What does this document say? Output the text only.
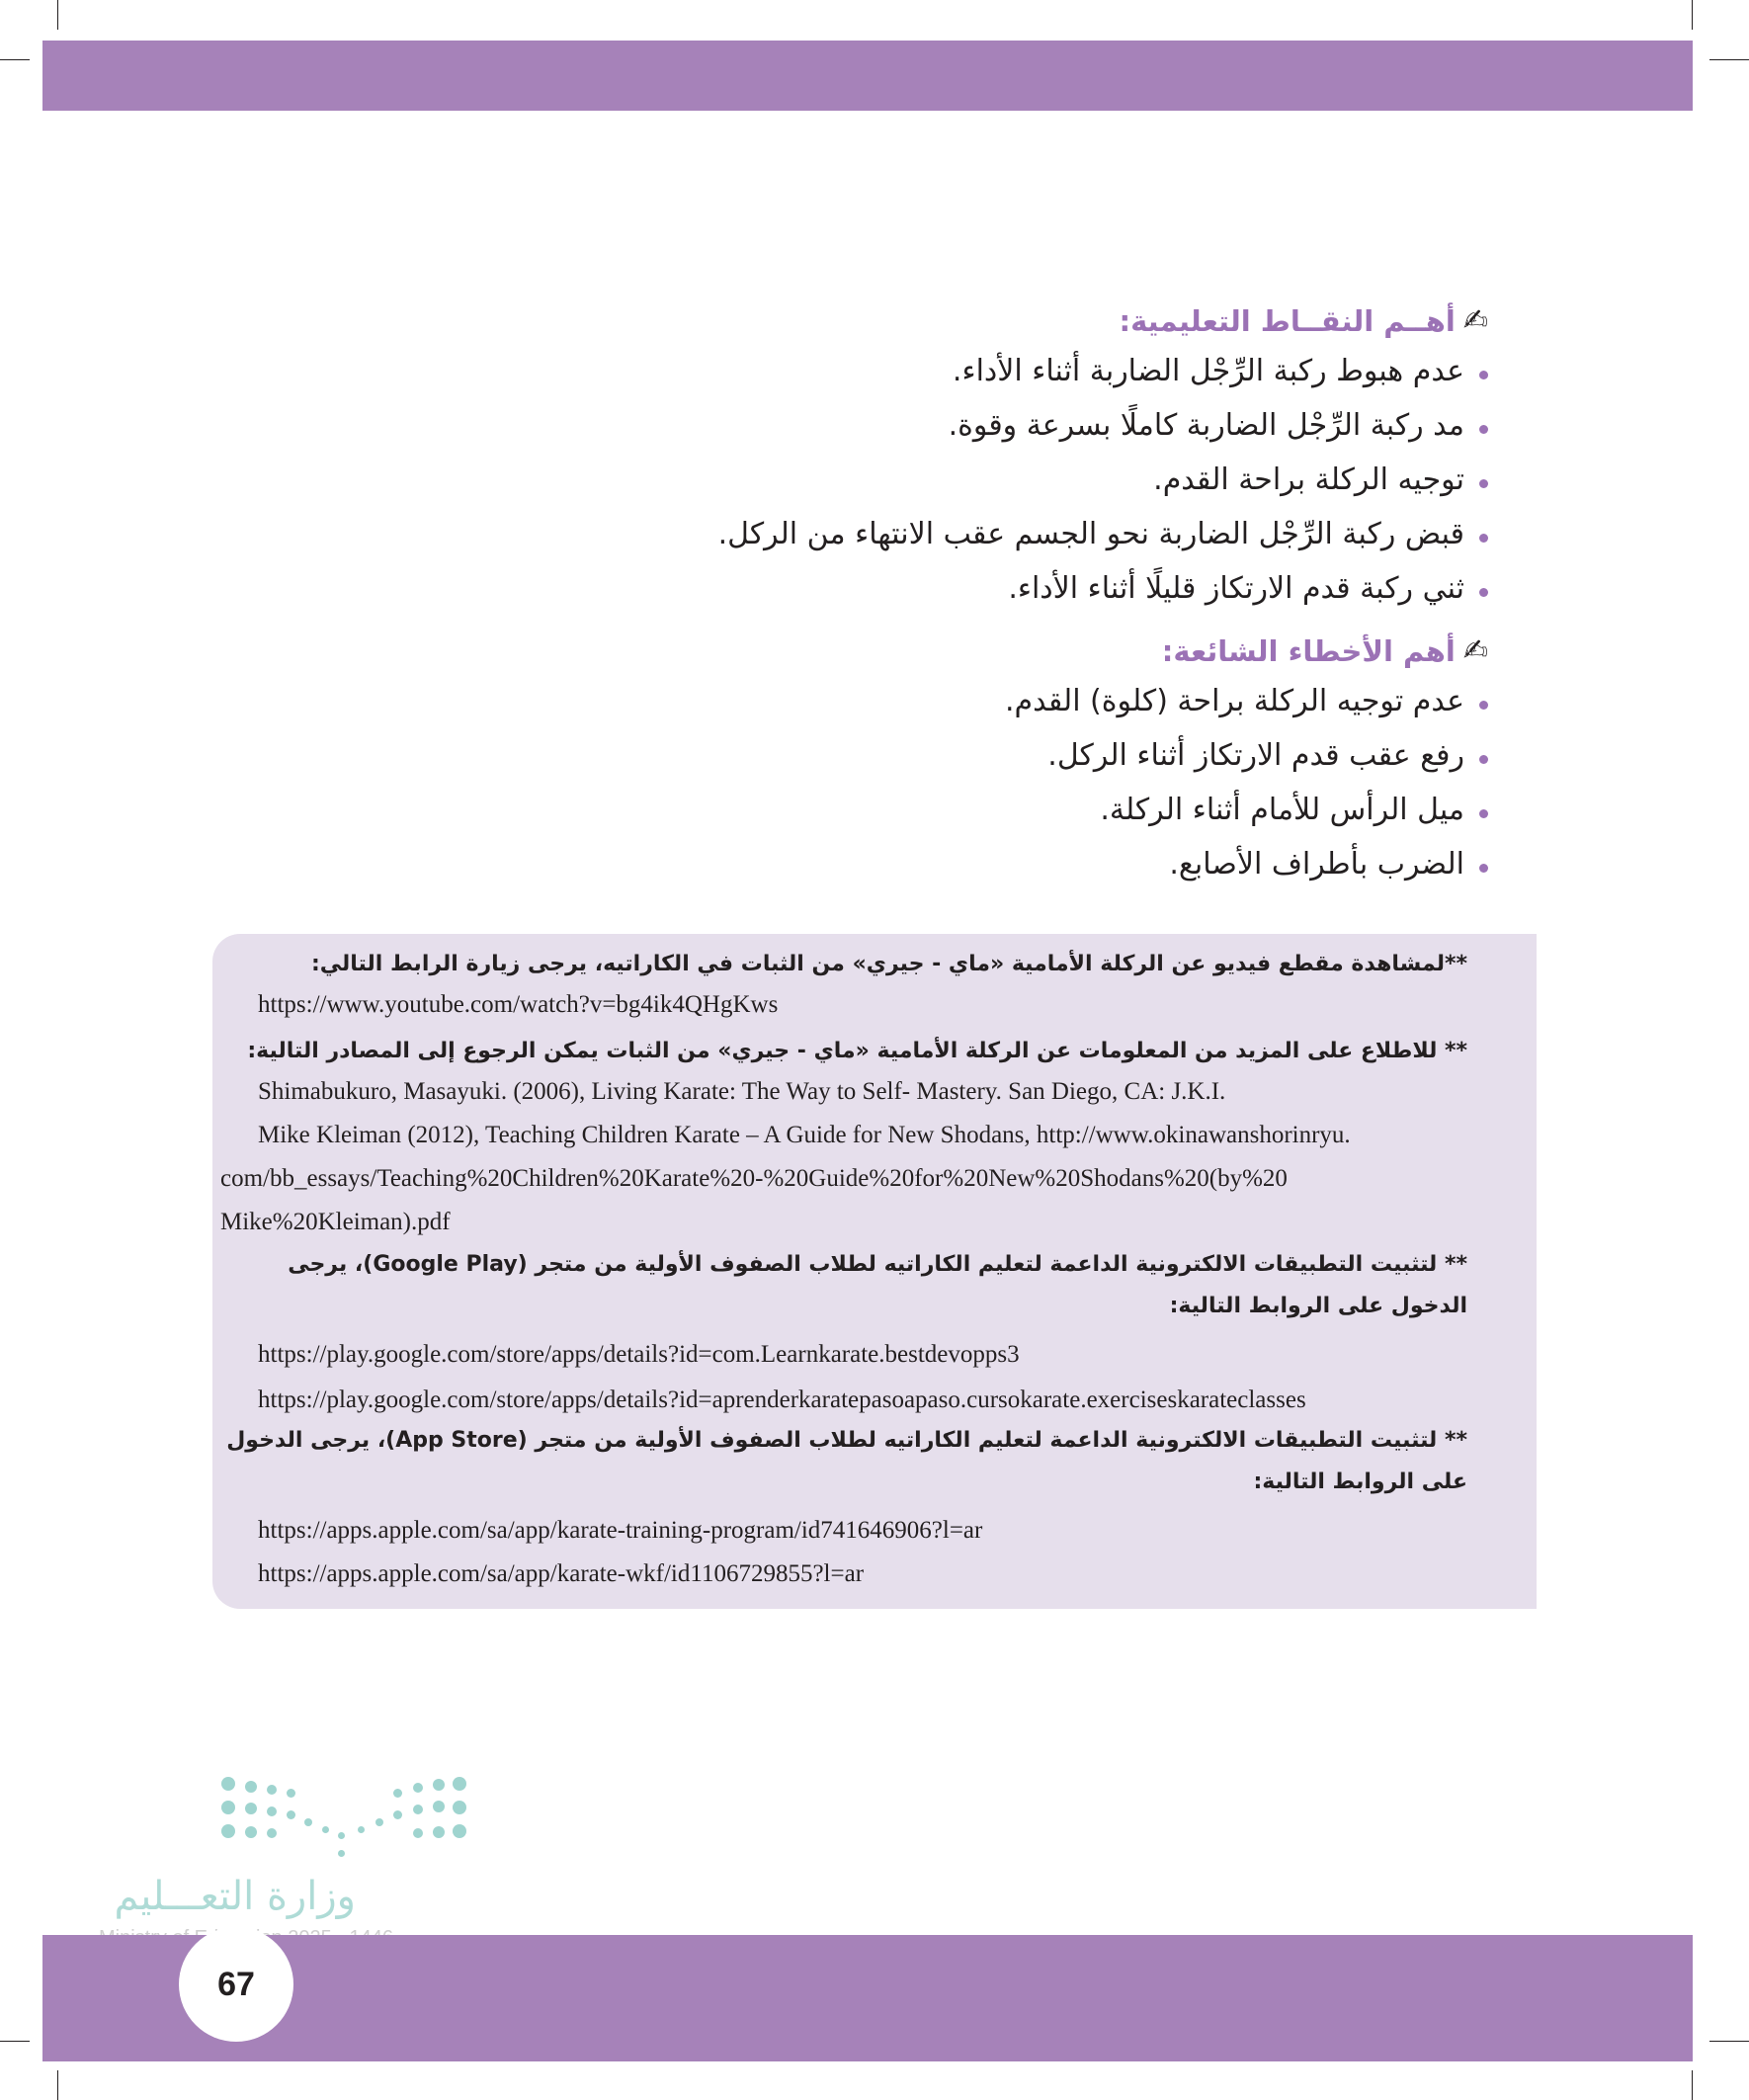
✍
أهــم النقــاط التعليمية:
عدم هبوط ركبة الرِّجْل الضاربة أثناء الأداء.
مد ركبة الرِّجْل الضاربة كاملًا بسرعة وقوة.
توجيه الركلة براحة القدم.
قبض ركبة الرِّجْل الضاربة نحو الجسم عقب الانتهاء من الركل.
ثني ركبة قدم الارتكاز قليلًا أثناء الأداء.
✍
أهم الأخطاء الشائعة:
عدم توجيه الركلة براحة (كلوة) القدم.
رفع عقب قدم الارتكاز أثناء الركل.
ميل الرأس للأمام أثناء الركلة.
الضرب بأطراف الأصابع.
**لمشاهدة مقطع فيديو عن الركلة الأمامية «ماي - جيري» من الثبات في الكاراتيه، يرجى زيارة الرابط التالي:
https://www.youtube.com/watch?v=bg4ik4QHgKws
** للاطلاع على المزيد من المعلومات عن الركلة الأمامية «ماي - جيري» من الثبات يمكن الرجوع إلى المصادر التالية:
Shimabukuro, Masayuki. (2006), Living Karate: The Way to Self- Mastery. San Diego, CA: J.K.I.
Mike Kleiman (2012), Teaching Children Karate – A Guide for New Shodans, http://www.okinawanshorinryu.
com/bb_essays/Teaching%20Children%20Karate%20-%20Guide%20for%20New%20Shodans%20(by%20
Mike%20Kleiman).pdf
** لتثبيت التطبيقات الالكترونية الداعمة لتعليم الكاراتيه لطلاب الصفوف الأولية من متجر (Google Play)، يرجى الدخول على الروابط التالية:
https://play.google.com/store/apps/details?id=com.Learnkarate.bestdevopps3
https://play.google.com/store/apps/details?id=aprenderkaratepasoapaso.cursokarate.exerciseskarateclasses
** لتثبيت التطبيقات الالكترونية الداعمة لتعليم الكاراتيه لطلاب الصفوف الأولية من متجر (App Store)، يرجى الدخول على الروابط التالية:
https://apps.apple.com/sa/app/karate-training-program/id741646906?l=ar
https://apps.apple.com/sa/app/karate-wkf/id1106729855?l=ar
وزارة التعـــليم
67
